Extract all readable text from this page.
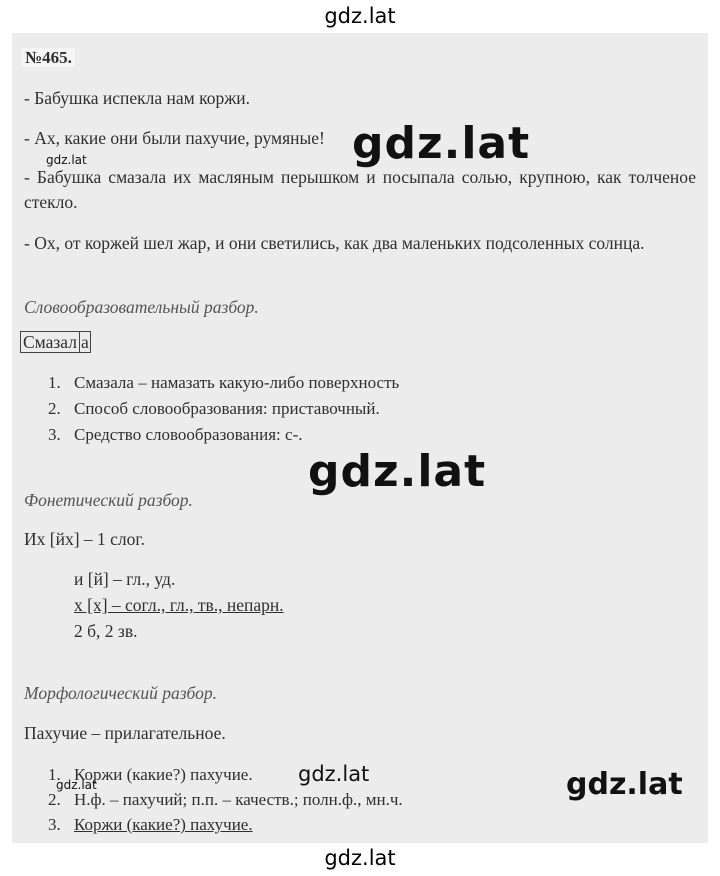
gdz.lat
№465.
- Бабушка испекла нам коржи.
- Ах, какие они были пахучие, румяные!
- Бабушка смазала их масляным перышком и посыпала солью, крупною, как толченое стекло.
- Ох, от коржей шел жар, и они светились, как два маленьких подсоленных солнца.
Словообразовательный разбор.
Смазал а
1. Смазала – намазать какую-либо поверхность
2. Способ словообразования: приставочный.
3. Средство словообразования: с-.
Фонетический разбор.
Их [йх] – 1 слог.
и [й] – гл., уд.
х [х] – согл., гл., тв., непарн.
2 б, 2 зв.
Морфологический разбор.
Пахучие – прилагательное.
1. Коржи (какие?) пахучие.
2. Н.ф. – пахучий; п.п. – качеств.; полн.ф., мн.ч.
3. Коржи (какие?) пахучие.
gdz.lat
gdz.lat
gdz.lat
gdz.lat	gdz.lat
gdz.lat
gdz.lat
